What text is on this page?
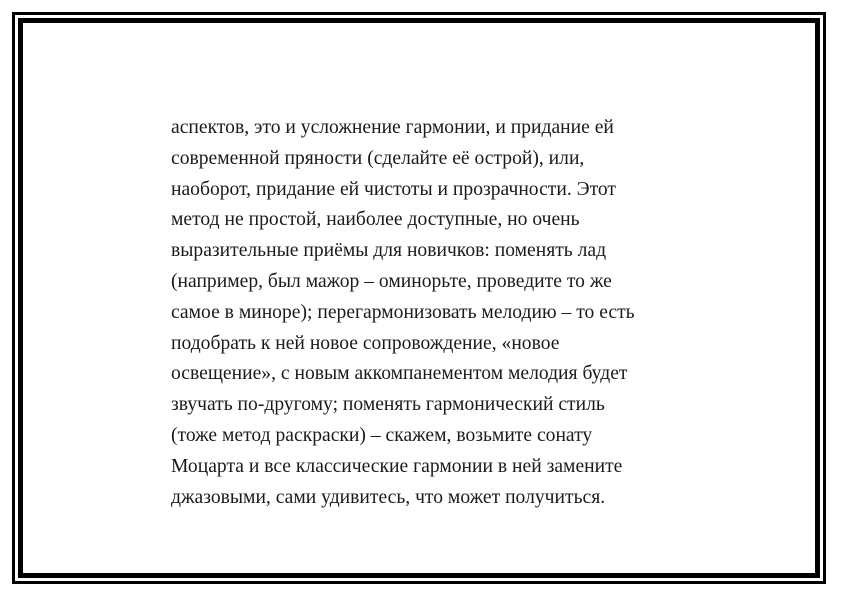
аспектов, это и усложнение гармонии, и придание ей
современной пряности (сделайте её острой), или,
наоборот, придание ей чистоты и прозрачности. Этот
метод не простой, наиболее доступные, но очень
выразительные приёмы для новичков: поменять лад
(например, был мажор – оминорьте, проведите то же
самое в миноре); перегармонизовать мелодию – то есть
подобрать к ней новое сопровождение, «новое
освещение», с новым аккомпанементом мелодия будет
звучать по-другому; поменять гармонический стиль
(тоже метод раскраски) – скажем, возьмите сонату
Моцарта и все классические гармонии в ней замените
джазовыми, сами удивитесь, что может получиться.
